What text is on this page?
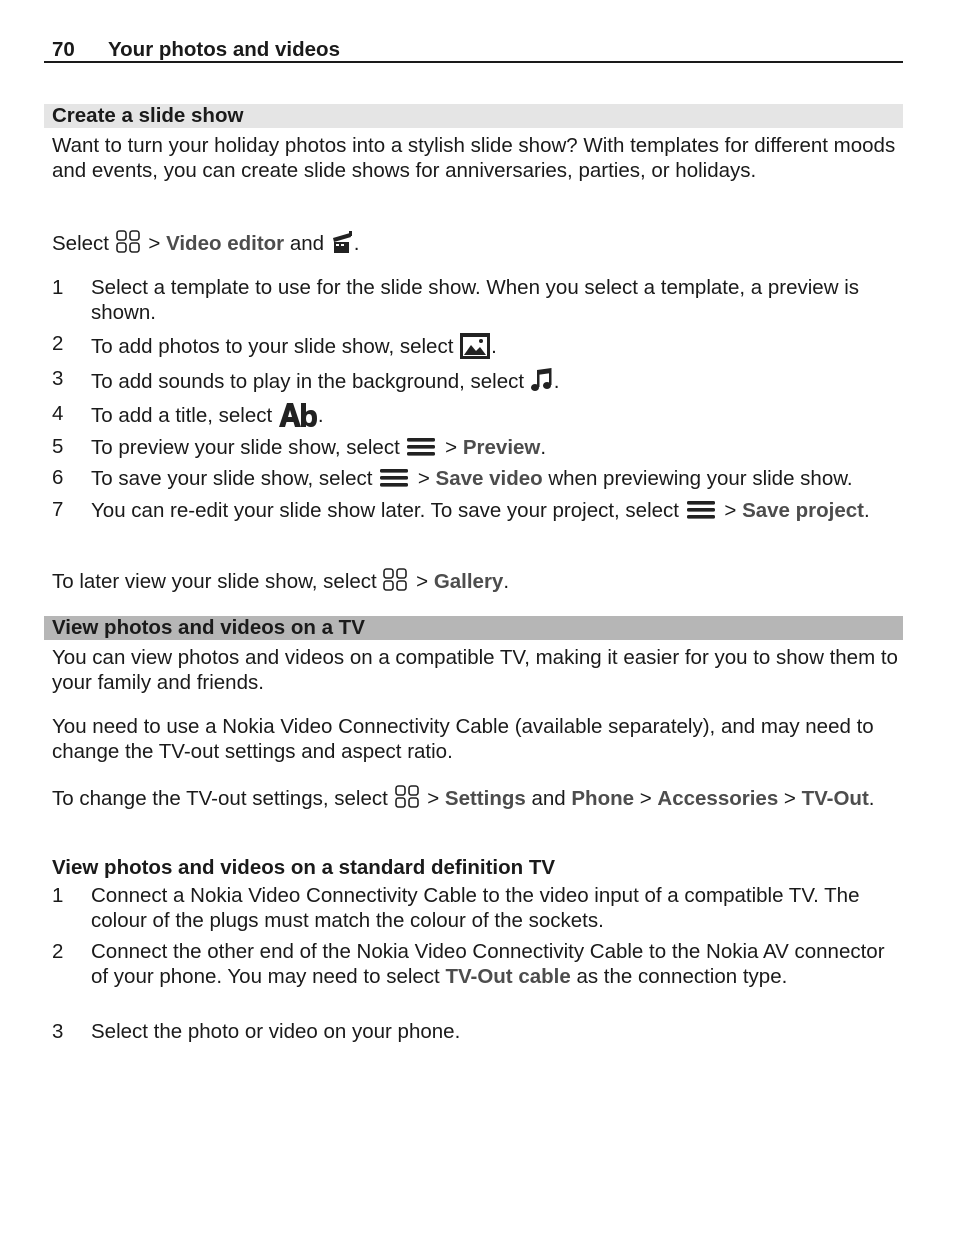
70 Your photos and videos
Create a slide show
Want to turn your holiday photos into a stylish slide show? With templates for different moods and events, you can create slide shows for anniversaries, parties, or holidays.
Select  > Video editor and .
1 Select a template to use for the slide show. When you select a template, a preview is shown.
2 To add photos to your slide show, select .
3 To add sounds to play in the background, select .
4 To add a title, select .
5 To preview your slide show, select  > Preview.
6 To save your slide show, select  > Save video when previewing your slide show.
7 You can re-edit your slide show later. To save your project, select  > Save project.
To later view your slide show, select  > Gallery.
View photos and videos on a TV
You can view photos and videos on a compatible TV, making it easier for you to show them to your family and friends.
You need to use a Nokia Video Connectivity Cable (available separately), and may need to change the TV-out settings and aspect ratio.
To change the TV-out settings, select  > Settings and Phone > Accessories > TV-Out.
View photos and videos on a standard definition TV
1 Connect a Nokia Video Connectivity Cable to the video input of a compatible TV. The colour of the plugs must match the colour of the sockets.
2 Connect the other end of the Nokia Video Connectivity Cable to the Nokia AV connector of your phone. You may need to select TV-Out cable as the connection type.
3 Select the photo or video on your phone.
